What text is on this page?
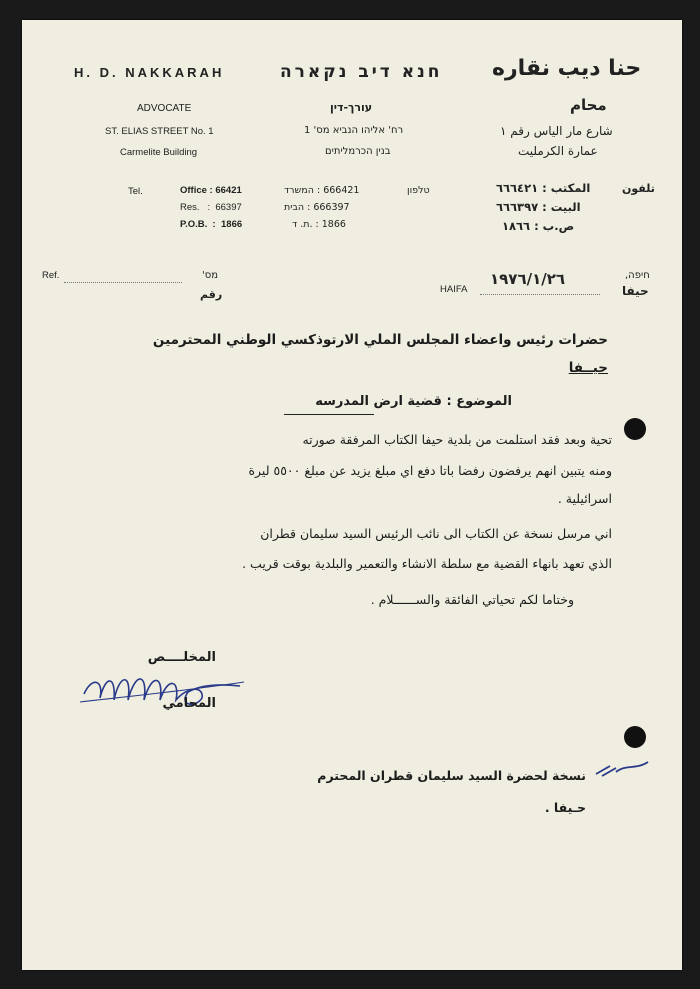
H. D. NAKKARAH	חנא דיב נקארה حنا ديب نقاره
ADVOCATE	עורך-דין	محام
ST. ELIAS STREET No. 1	רח' אליהו הנביא מס' 1	شارع مار الياس رقم ١
Carmelite Building	בנין הכרמליתים	عمارة الكرمليت
Tel.	Office : 66421
Res.   :  66397
P.O.B.  :  1866
666421 : המשרד
666397 : הבית
1866 : .ת. ד
טלפון	المكتب : ٦٦٦٤٢١
البيت : ٦٦٦٣٩٧
ص.ب : ١٨٦٦
تلفون
Ref.	מס'
رقم	HAIFA
١٩٧٦/١/٢٦	חיפה,
حيفا
حضرات رئيس واعضاء المجلس الملي الارتوذكسي الوطني المحترمين
حيــفا
الموضوع : قضية ارض المدرسه
تحية وبعد فقد استلمت من بلدية حيفا الكتاب المرفقة صورته
ومنه يتبين انهم يرفضون رفضا باتا دفع اي مبلغ يزيد عن مبلغ ٥٥٠٠ ليرة
اسرائيلية .
اني مرسل نسخة عن الكتاب الى نائب الرئيس السيد سليمان قطران
الذي تعهد بانهاء القضية مع سلطة الانشاء والتعمير والبلدية بوقت قريب .
وختاما لكم تحياتي الفائقة والســــــلام .
المخلــــص
المحامي
نسخة لحضرة السيد سليمان قطران المحترم
حـيفا .
